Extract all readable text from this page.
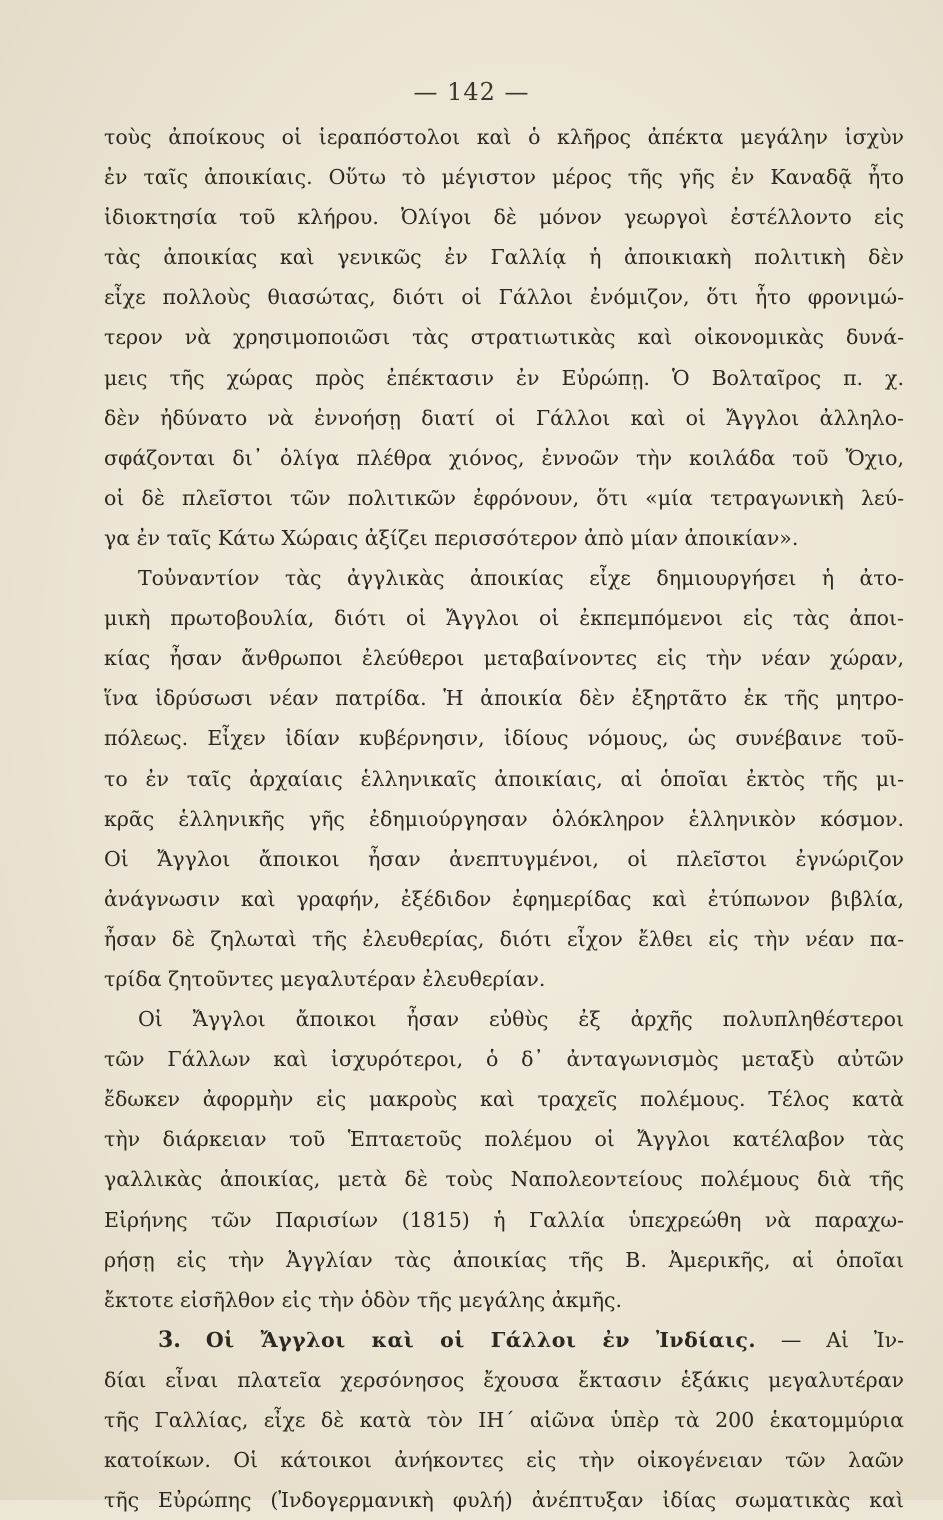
— 142 —
τοὺς ἀποίκους οἱ ἱεραπόστολοι καὶ ὁ κλῆρος ἀπέκτα μεγάλην ἰσχὺν
ἐν ταῖς ἀποικίαις. Οὕτω τὸ μέγιστον μέρος τῆς γῆς ἐν Καναδᾷ ἦτο
ἰδιοκτησία τοῦ κλήρου. Ὀλίγοι δὲ μόνον γεωργοὶ ἐστέλλοντο εἰς
τὰς ἀποικίας καὶ γενικῶς ἐν Γαλλίᾳ ἡ ἀποικιακὴ πολιτικὴ δὲν
εἶχε πολλοὺς θιασώτας, διότι οἱ Γάλλοι ἐνόμιζον, ὅτι ἦτο φρονιμώ-
τερον νὰ χρησιμοποιῶσι τὰς στρατιωτικὰς καὶ οἰκονομικὰς δυνά-
μεις τῆς χώρας πρὸς ἐπέκτασιν ἐν Εὐρώπῃ. Ὁ Βολταῖρος π. χ.
δὲν ἠδύνατο νὰ ἐννοήσῃ διατί οἱ Γάλλοι καὶ οἱ Ἄγγλοι ἀλληλο-
σφάζονται δι᾽ ὀλίγα πλέθρα χιόνος, ἐννοῶν τὴν κοιλάδα τοῦ Ὄχιο,
οἱ δὲ πλεῖστοι τῶν πολιτικῶν ἐφρόνουν, ὅτι «μία τετραγωνικὴ λεύ-
γα ἐν ταῖς Κάτω Χώραις ἀξίζει περισσότερον ἀπὸ μίαν ἀποικίαν».
Τοὐναντίον τὰς ἀγγλικὰς ἀποικίας εἶχε δημιουργήσει ἡ ἀτο-
μικὴ πρωτοβουλία, διότι οἱ Ἄγγλοι οἱ ἐκπεμπόμενοι εἰς τὰς ἀποι-
κίας ἦσαν ἄνθρωποι ἐλεύθεροι μεταβαίνοντες εἰς τὴν νέαν χώραν,
ἵνα ἱδρύσωσι νέαν πατρίδα. Ἡ ἀποικία δὲν ἐξηρτᾶτο ἐκ τῆς μητρο-
πόλεως. Εἶχεν ἰδίαν κυβέρνησιν, ἰδίους νόμους, ὡς συνέβαινε τοῦ-
το ἐν ταῖς ἀρχαίαις ἑλληνικαῖς ἀποικίαις, αἱ ὁποῖαι ἐκτὸς τῆς μι-
κρᾶς ἑλληνικῆς γῆς ἐδημιούργησαν ὁλόκληρον ἑλληνικὸν κόσμον.
Οἱ Ἄγγλοι ἄποικοι ἦσαν ἀνεπτυγμένοι, οἱ πλεῖστοι ἐγνώριζον
ἀνάγνωσιν καὶ γραφήν, ἐξέδιδον ἐφημερίδας καὶ ἐτύπωνον βιβλία,
ἦσαν δὲ ζηλωταὶ τῆς ἐλευθερίας, διότι εἶχον ἔλθει εἰς τὴν νέαν πα-
τρίδα ζητοῦντες μεγαλυτέραν ἐλευθερίαν.
Οἱ Ἄγγλοι ἄποικοι ἦσαν εὐθὺς ἐξ ἀρχῆς πολυπληθέστεροι
τῶν Γάλλων καὶ ἰσχυρότεροι, ὁ δ᾽ ἀνταγωνισμὸς μεταξὺ αὐτῶν
ἔδωκεν ἀφορμὴν εἰς μακροὺς καὶ τραχεῖς πολέμους. Τέλος κατὰ
τὴν διάρκειαν τοῦ Ἑπταετοῦς πολέμου οἱ Ἄγγλοι κατέλαβον τὰς
γαλλικὰς ἀποικίας, μετὰ δὲ τοὺς Ναπολεοντείους πολέμους διὰ τῆς
Εἰρήνης τῶν Παρισίων (1815) ἡ Γαλλία ὑπεχρεώθη νὰ παραχω-
ρήσῃ εἰς τὴν Ἀγγλίαν τὰς ἀποικίας τῆς Β. Ἀμερικῆς, αἱ ὁποῖαι
ἔκτοτε εἰσῆλθον εἰς τὴν ὁδὸν τῆς μεγάλης ἀκμῆς.
3. Οἱ Ἄγγλοι καὶ οἱ Γάλλοι ἐν Ἰνδίαις. — Αἱ Ἰν-
δίαι εἶναι πλατεῖα χερσόνησος ἔχουσα ἔκτασιν ἑξάκις μεγαλυτέραν
τῆς Γαλλίας, εἶχε δὲ κατὰ τὸν ΙΗ´ αἰῶνα ὑπὲρ τὰ 200 ἑκατομμύρια
κατοίκων. Οἱ κάτοικοι ἀνήκοντες εἰς τὴν οἰκογένειαν τῶν λαῶν
τῆς Εὐρώπης (Ἰνδογερμανικὴ φυλή) ἀνέπτυξαν ἰδίας σωματικὰς καὶ
